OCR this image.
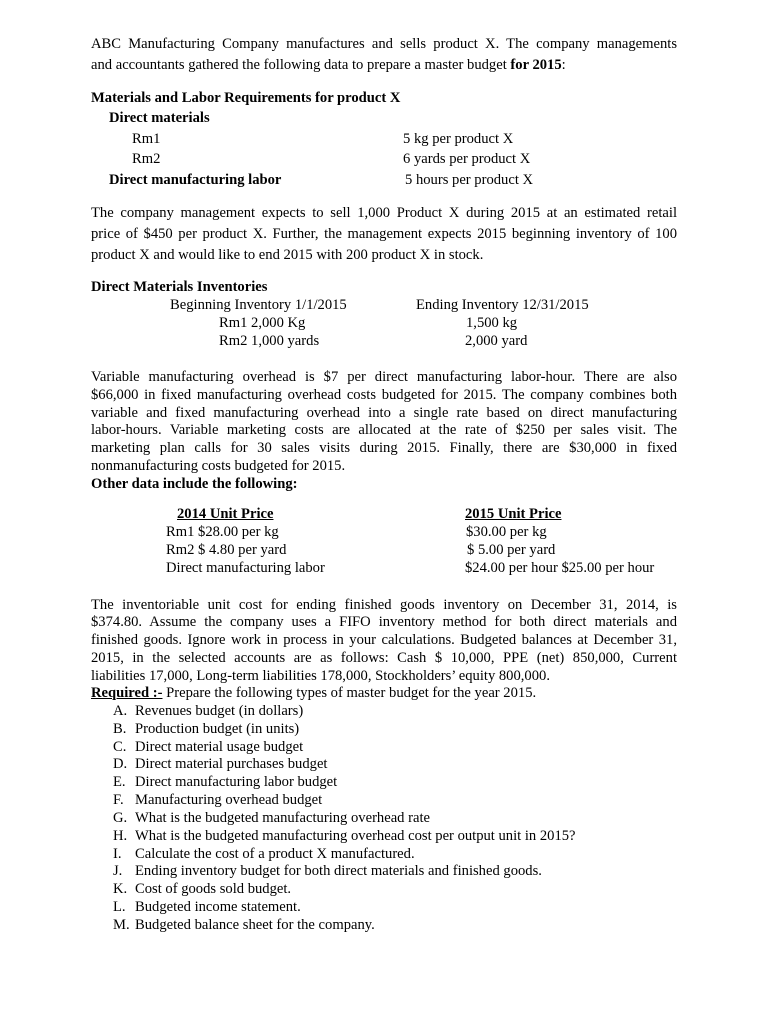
ABC Manufacturing Company manufactures and sells product X. The company managements
and accountants gathered the following data to prepare a master budget for 2015:
Materials and Labor Requirements for product X
Direct materials
Rm1	5 kg per product X
Rm2	6 yards per product X
Direct manufacturing labor	5 hours per product X
The company management expects to sell 1,000 Product X during 2015 at an estimated retail
price of $450 per product X. Further, the management expects 2015 beginning inventory of 100
product X and would like to end 2015 with 200 product X in stock.
Direct Materials Inventories
Beginning Inventory 1/1/2015	Ending Inventory 12/31/2015
Rm1 2,000 Kg	1,500 kg
Rm2 1,000 yards	2,000 yard
Variable manufacturing overhead is $7 per direct manufacturing labor-hour. There are also
$66,000 in fixed manufacturing overhead costs budgeted for 2015. The company combines both
variable and fixed manufacturing overhead into a single rate based on direct manufacturing
labor-hours. Variable marketing costs are allocated at the rate of $250 per sales visit. The
marketing plan calls for 30 sales visits during 2015. Finally, there are $30,000 in fixed
nonmanufacturing costs budgeted for 2015.
Other data include the following:
2014 Unit Price	2015 Unit Price
Rm1 $28.00 per kg	$30.00 per kg
Rm2 $ 4.80 per yard	$ 5.00 per yard
Direct manufacturing labor	$24.00 per hour $25.00 per hour
The inventoriable unit cost for ending finished goods inventory on December 31, 2014, is
$374.80. Assume the company uses a FIFO inventory method for both direct materials and
finished goods. Ignore work in process in your calculations. Budgeted balances at December 31,
2015, in the selected accounts are as follows: Cash $ 10,000, PPE (net) 850,000, Current
liabilities 17,000, Long-term liabilities 178,000, Stockholders’ equity 800,000.
Required :- Prepare the following types of master budget for the year 2015.
A. Revenues budget (in dollars)
B. Production budget (in units)
C. Direct material usage budget
D. Direct material purchases budget
E. Direct manufacturing labor budget
F. Manufacturing overhead budget
G. What is the budgeted manufacturing overhead rate
H. What is the budgeted manufacturing overhead cost per output unit in 2015?
I. Calculate the cost of a product X manufactured.
J. Ending inventory budget for both direct materials and finished goods.
K. Cost of goods sold budget.
L. Budgeted income statement.
M. Budgeted balance sheet for the company.
